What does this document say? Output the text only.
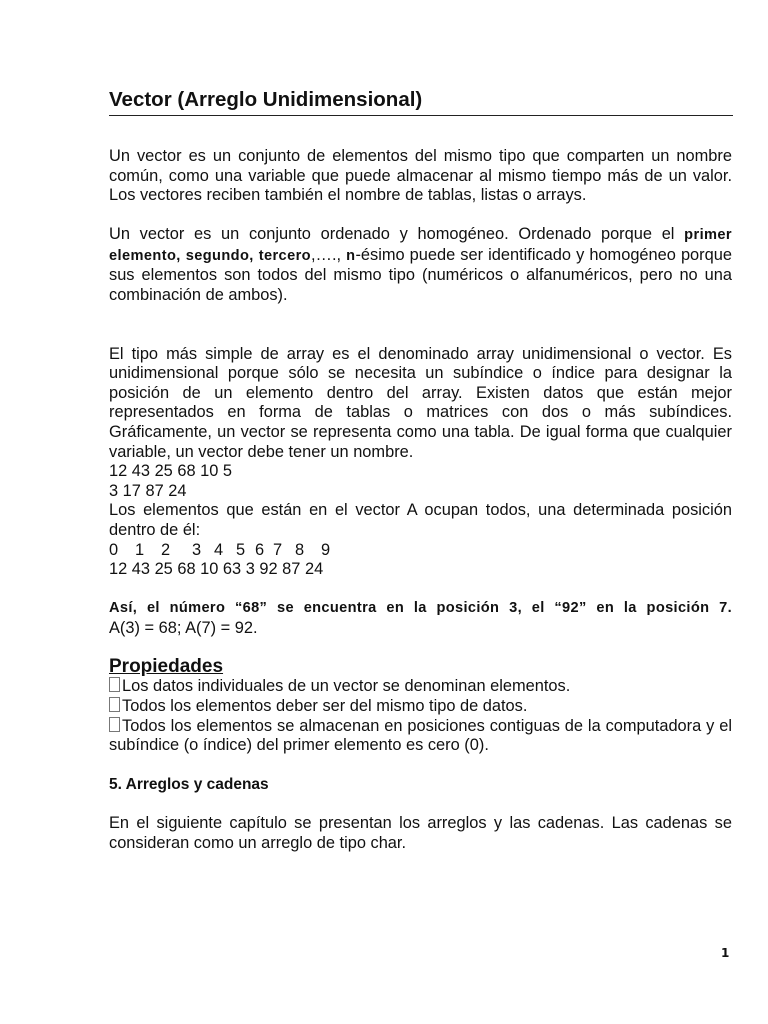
Vector (Arreglo Unidimensional)

Un vector es un conjunto de elementos del mismo tipo que comparten un nombre común, como una variable que puede almacenar al mismo tiempo más de un valor. Los vectores reciben también el nombre de tablas, listas o arrays.

Un vector es un conjunto ordenado y homogéneo. Ordenado porque el primer elemento, segundo, tercero,…., n-ésimo puede ser identificado y homogéneo porque sus elementos son todos del mismo tipo (numéricos o alfanuméricos, pero no una combinación de ambos).

El tipo más simple de array es el denominado array unidimensional o vector. Es unidimensional porque sólo se necesita un subíndice o índice para designar la posición de un elemento dentro del array. Existen datos que están mejor representados en forma de tablas o matrices con dos o más subíndices. Gráficamente, un vector se representa como una tabla. De igual forma que cualquier variable, un vector debe tener un nombre.

12 43 25 68 10 5

3 17 87 24

Los elementos que están en el vector A ocupan todos, una determinada posición dentro de él:

0 1 2 3 4 5 6 7 8 9

12 43 25 68 10 63 3 92 87 24

Así, el número “68” se encuentra en la posición 3, el “92” en la posición 7.

A(3) = 68; A(7) = 92.

Propiedades

Los datos individuales de un vector se denominan elementos.

Todos los elementos deber ser del mismo tipo de datos.

Todos los elementos se almacenan en posiciones contiguas de la computadora y el subíndice (o índice) del primer elemento es cero (0).

5. Arreglos y cadenas

En el siguiente capítulo se presentan los arreglos y las cadenas. Las cadenas se consideran como un arreglo de tipo char.

1
